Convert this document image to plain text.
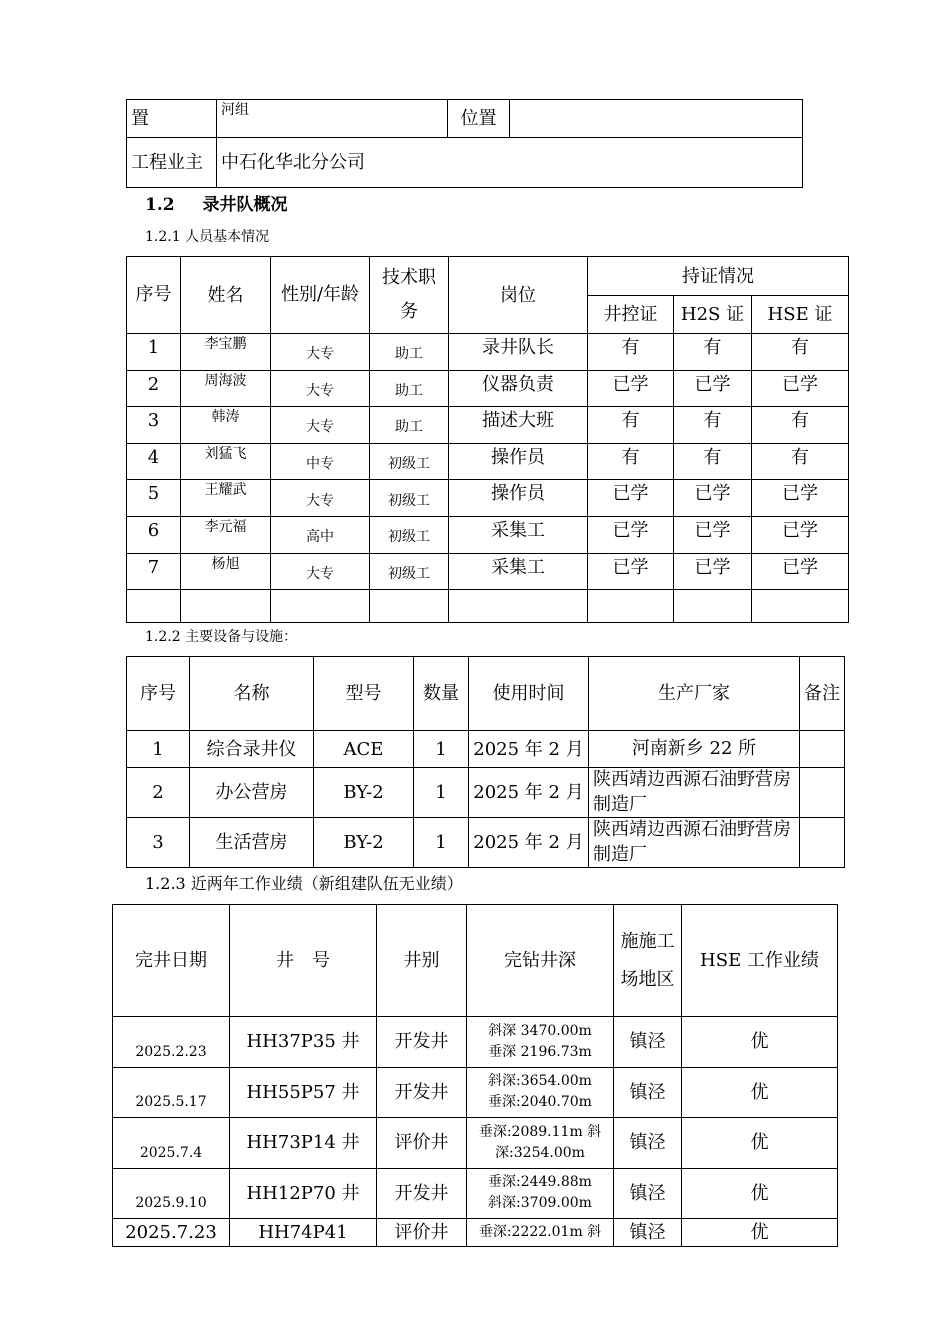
置	河组	位置	
工程业主	中石化华北分公司		
1.2 录井队概况
1.2.1 人员基本情况
序号	姓名	性别/年龄	技术职务	岗位	持证情况		
					井控证	H2S 证	HSE 证
1	李宝鹏	大专	助工	录井队长	有	有	有
2	周海波	大专	助工	仪器负责	已学	已学	已学
3	韩涛	大专	助工	描述大班	有	有	有
4	刘猛飞	中专	初级工	操作员	有	有	有
5	王耀武	大专	初级工	操作员	已学	已学	已学
6	李元福	高中	初级工	采集工	已学	已学	已学
7	杨旭	大专	初级工	采集工	已学	已学	已学

1.2.2 主要设备与设施：
序号	名称	型号	数量	使用时间	生产厂家	备注
1	综合录井仪	ACE	1	2025 年 2 月	河南新乡 22 所	
2	办公营房	BY-2	1	2025 年 2 月	陕西靖边西源石油野营房制造厂	
3	生活营房	BY-2	1	2025 年 2 月	陕西靖边西源石油野营房制造厂	
1.2.3 近两年工作业绩（新组建队伍无业绩）
完井日期	井　号	井别	完钻井深	施施工场地区	HSE 工作业绩
2025.2.23	HH37P35 井	开发井	斜深 3470.00m
垂深 2196.73m	镇泾	优
2025.5.17	HH55P57 井	开发井	斜深:3654.00m
垂深:2040.70m	镇泾	优
2025.7.4	HH73P14 井	评价井	垂深:2089.11m 斜
深:3254.00m	镇泾	优
2025.9.10	HH12P70 井	开发井	垂深:2449.88m
斜深:3709.00m	镇泾	优
2025.7.23	HH74P41	评价井	垂深:2222.01m 斜	镇泾	优
